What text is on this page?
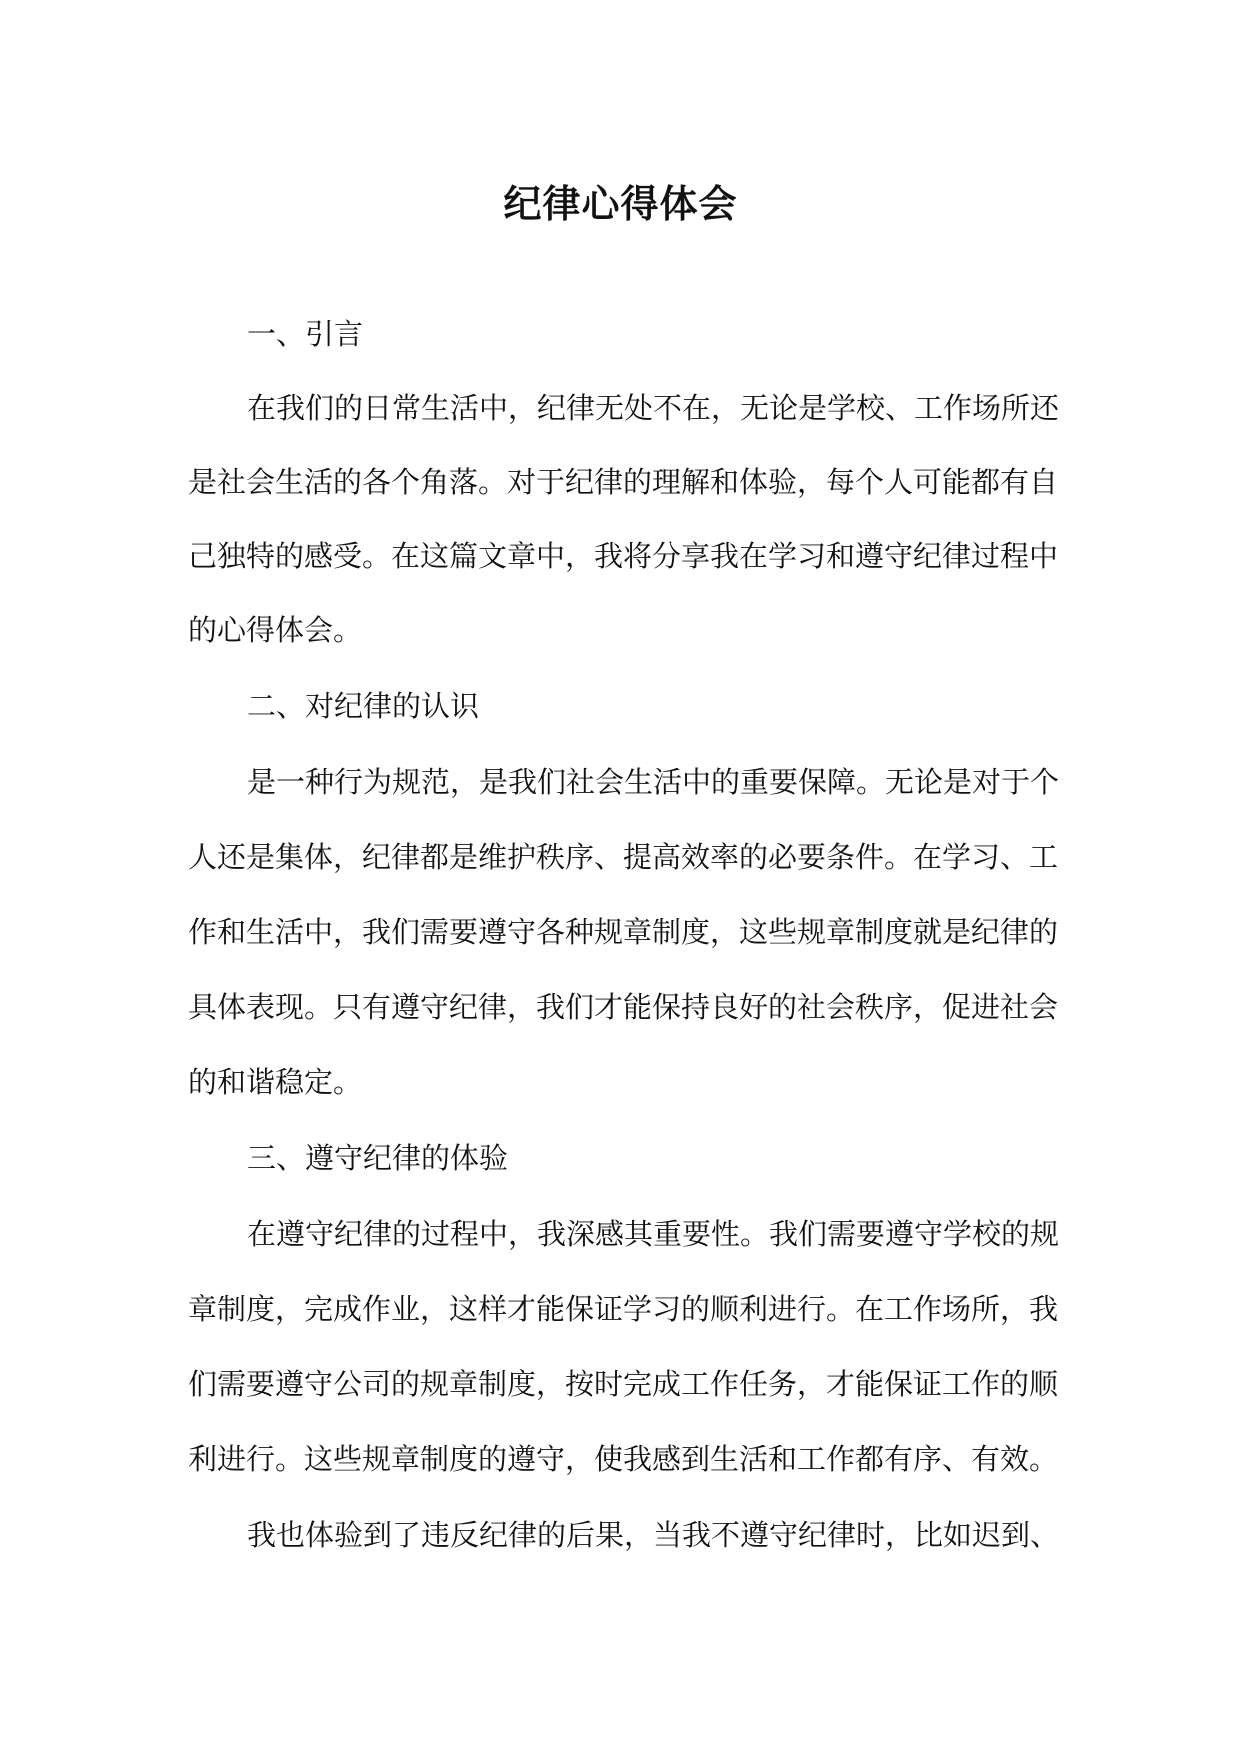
纪律心得体会
一、引言
在我们的日常生活中，纪律无处不在，无论是学校、工作场所还
是社会生活的各个角落。对于纪律的理解和体验，每个人可能都有自
己独特的感受。在这篇文章中，我将分享我在学习和遵守纪律过程中
的心得体会。
二、对纪律的认识
是一种行为规范，是我们社会生活中的重要保障。无论是对于个
人还是集体，纪律都是维护秩序、提高效率的必要条件。在学习、工
作和生活中，我们需要遵守各种规章制度，这些规章制度就是纪律的
具体表现。只有遵守纪律，我们才能保持良好的社会秩序，促进社会
的和谐稳定。
三、遵守纪律的体验
在遵守纪律的过程中，我深感其重要性。我们需要遵守学校的规
章制度，完成作业，这样才能保证学习的顺利进行。在工作场所，我
们需要遵守公司的规章制度，按时完成工作任务，才能保证工作的顺
利进行。这些规章制度的遵守，使我感到生活和工作都有序、有效。
我也体验到了违反纪律的后果，当我不遵守纪律时，比如迟到、
